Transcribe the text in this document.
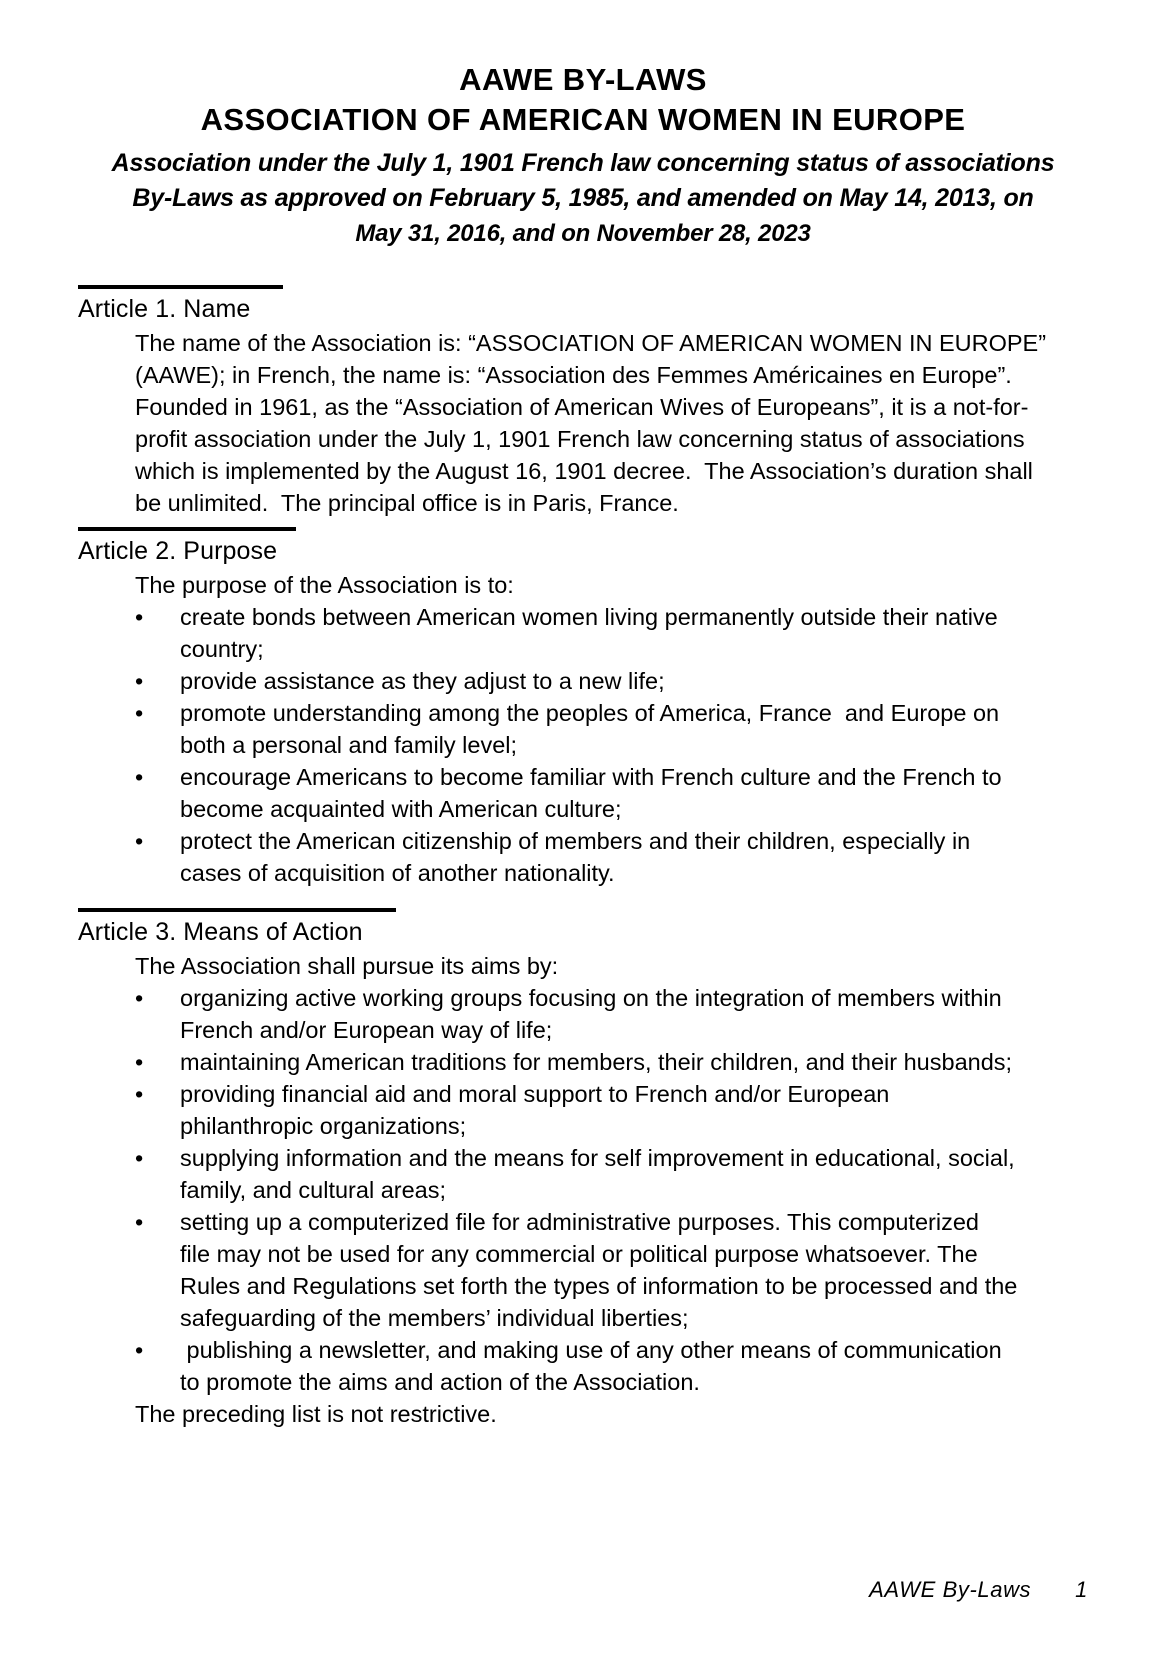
AAWE BY-LAWS
ASSOCIATION OF AMERICAN WOMEN IN EUROPE
Association under the July 1, 1901 French law concerning status of associations
By-Laws as approved on February 5, 1985, and amended on May 14, 2013, on
May 31, 2016, and on November 28, 2023
Article 1. Name
The name of the Association is: “ASSOCIATION OF AMERICAN WOMEN IN EUROPE”
(AAWE); in French, the name is: “Association des Femmes Américaines en Europe”.
Founded in 1961, as the “Association of American Wives of Europeans”, it is a not-for-
profit association under the July 1, 1901 French law concerning status of associations
which is implemented by the August 16, 1901 decree.  The Association’s duration shall
be unlimited.  The principal office is in Paris, France.
Article 2. Purpose
The purpose of the Association is to:
•	create bonds between American women living permanently outside their native
country;
•	provide assistance as they adjust to a new life;
•	promote understanding among the peoples of America, France  and Europe on
both a personal and family level;
•	encourage Americans to become familiar with French culture and the French to
become acquainted with American culture;
•	protect the American citizenship of members and their children, especially in
cases of acquisition of another nationality.
Article 3. Means of Action
The Association shall pursue its aims by:
•	organizing active working groups focusing on the integration of members within
French and/or European way of life;
•	maintaining American traditions for members, their children, and their husbands;
•	providing financial aid and moral support to French and/or European
philanthropic organizations;
•	supplying information and the means for self improvement in educational, social,
family, and cultural areas;
•	setting up a computerized file for administrative purposes. This computerized
file may not be used for any commercial or political purpose whatsoever. The
Rules and Regulations set forth the types of information to be processed and the
safeguarding of the members’ individual liberties;
•	publishing a newsletter, and making use of any other means of communication
to promote the aims and action of the Association.
The preceding list is not restrictive.
AAWE By-Laws 1
